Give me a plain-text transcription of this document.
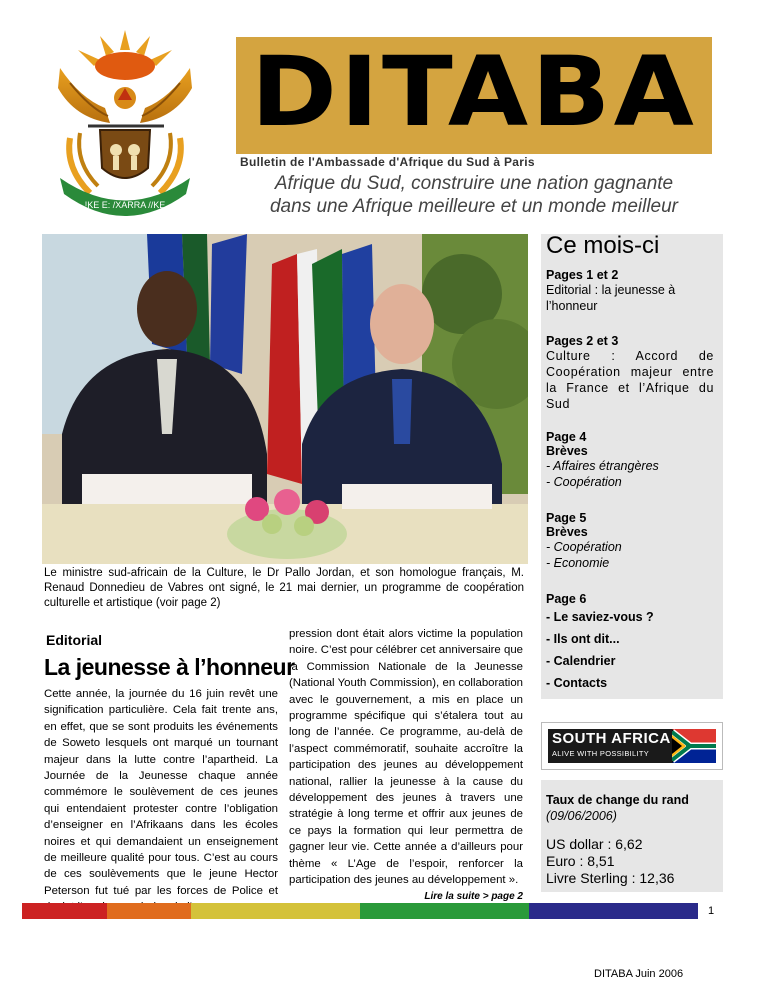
!KE E: /XARRA //KE
DITABA
Bulletin de l'Ambassade d'Afrique du Sud à Paris
Afrique du Sud, construire une nation gagnante
dans une Afrique meilleure et un monde meilleur
Le ministre sud-africain de la Culture, le Dr Pallo Jordan, et son homologue français, M. Renaud Donnedieu de Vabres ont signé, le 21 mai dernier, un programme de coopération culturelle et artistique (voir page 2)
Editorial
La jeunesse à l’honneur
Cette année, la journée du 16 juin revêt une signification particulière. Cela fait trente ans, en effet, que se sont produits les événements de Soweto lesquels ont marqué un tournant majeur dans la lutte contre l’apartheid. La Journée de la Jeunesse chaque année commémore le soulèvement de ces jeunes qui entendaient protester contre l’obligation d’enseigner en l’Afrikaans dans les écoles noires et qui demandaient un enseignement de meilleure qualité pour tous. C’est au cours de ces soulèvements que le jeune Hector Peterson fut tué par les forces de Police et
pression dont était alors victime la population noire. C’est pour célébrer cet anniversaire que la Commission Nationale de la Jeunesse (National Youth Commission), en collaboration avec le gouvernement, a mis en place un programme spécifique qui s’étalera tout au long de l’année. Ce programme, au-delà de l’aspect commémoratif, souhaite accroître la participation des jeunes au développement national, rallier la jeunesse à la cause du développement des jeunes à travers une stratégie à long terme et offrir aux jeunes de ce pays la formation qui leur permettra de gagner leur vie. Cette année a d’ailleurs pour thème « L’Age de l’espoir, renforcer la participation des jeunes au développement ».
Lire la suite > page 2
Ce mois-ci
Pages 1 et 2
Editorial : la jeunesse à l’honneur
Pages 2 et 3
Culture : Accord de Coopération majeur entre la France et l’Afrique du Sud
Page 4
Brèves
- Affaires étrangères
- Coopération
Page 5
Brèves
- Coopération
- Economie
Page 6
- Le saviez-vous ?
- Ils ont dit...
- Calendrier
- Contacts
SOUTH AFRICA
ALIVE WITH POSSIBILITY
Taux de change du rand
(09/06/2006)
US dollar : 6,62
Euro : 8,51
Livre Sterling : 12,36
1
DITABA Juin 2006
